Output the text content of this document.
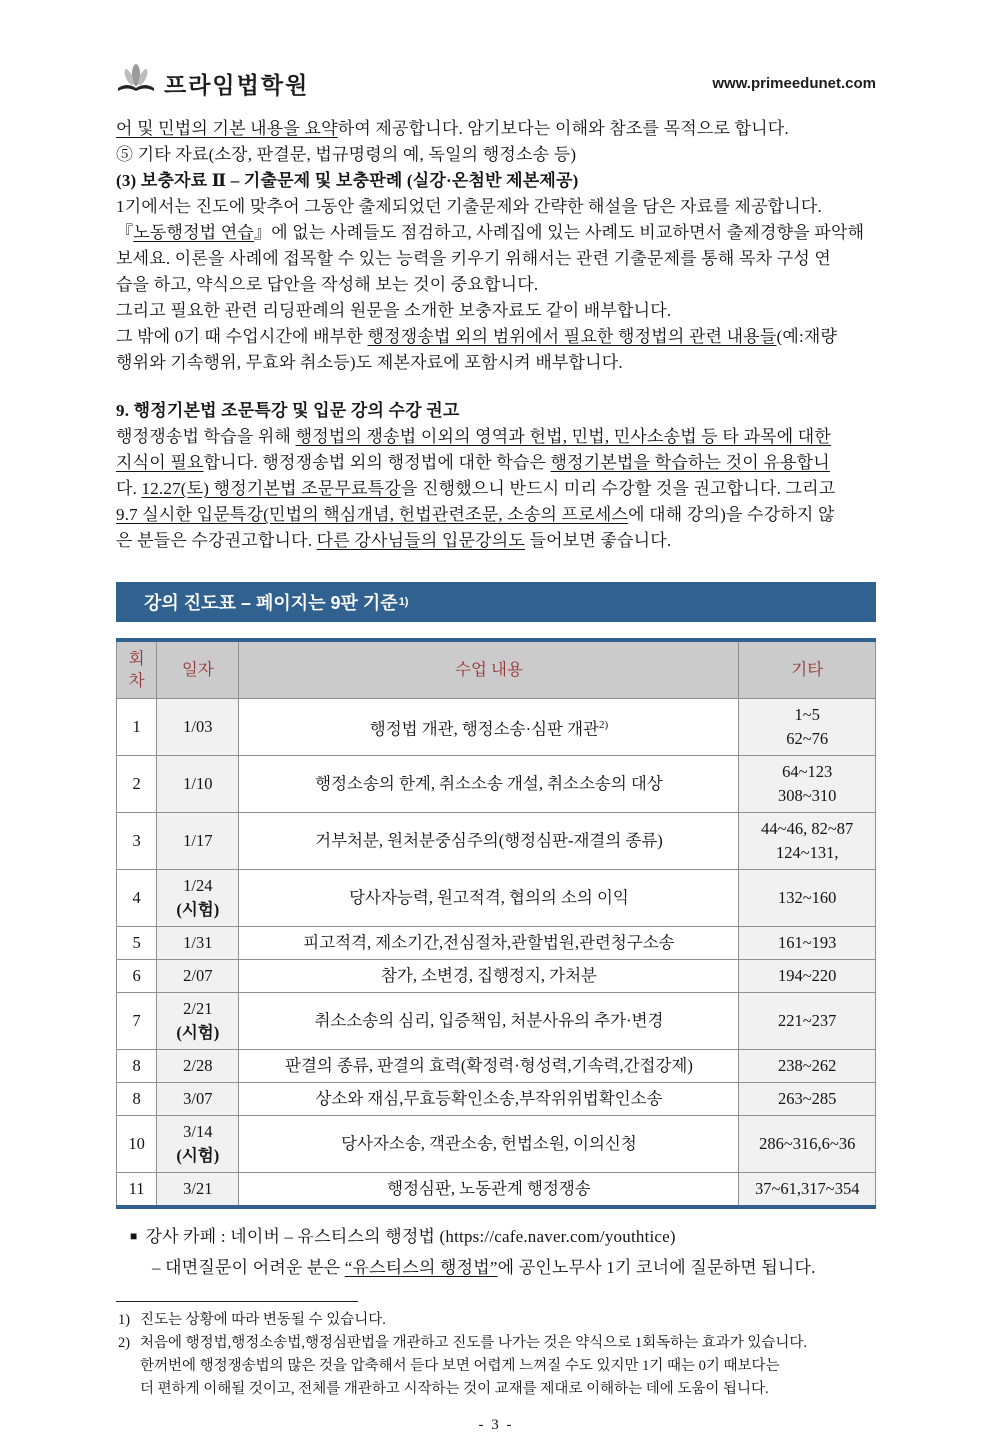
프라임법학원	www.primeedunet.com

어 및 민법의 기본 내용을 요약하여 제공합니다. 암기보다는 이해와 참조를 목적으로 합니다.

⑤ 기타 자료(소장, 판결문, 법규명령의 예, 독일의 행정소송 등)

(3) 보충자료 Ⅱ – 기출문제 및 보충판례 (실강·온첨반 제본제공)

1기에서는 진도에 맞추어 그동안 출제되었던 기출문제와 간략한 해설을 담은 자료를 제공합니다.

『노동행정법 연습』에 없는 사례들도 점검하고, 사례집에 있는 사례도 비교하면서 출제경향을 파악해

보세요. 이론을 사례에 접목할 수 있는 능력을 키우기 위해서는 관련 기출문제를 통해 목차 구성 연

습을 하고, 약식으로 답안을 작성해 보는 것이 중요합니다.

그리고 필요한 관련 리딩판례의 원문을 소개한 보충자료도 같이 배부합니다.

그 밖에 0기 때 수업시간에 배부한 행정쟁송법 외의 범위에서 필요한 행정법의 관련 내용들(예:재량

행위와 기속행위, 무효와 취소등)도 제본자료에 포함시켜 배부합니다.

9. 행정기본법 조문특강 및 입문 강의 수강 권고

행정쟁송법 학습을 위해 행정법의 쟁송법 이외의 영역과 헌법, 민법, 민사소송법 등 타 과목에 대한

지식이 필요합니다. 행정쟁송법 외의 행정법에 대한 학습은 행정기본법을 학습하는 것이 유용합니

다. 12.27(토) 행정기본법 조문무료특강을 진행했으니 반드시 미리 수강할 것을 권고합니다. 그리고

9.7 실시한 입문특강(민법의 핵심개념, 헌법관련조문, 소송의 프로세스에 대해 강의)을 수강하지 않

은 분들은 수강권고합니다. 다른 강사님들의 입문강의도 들어보면 좋습니다.

강의 진도표 – 페이지는 9판 기준 1)
회차	일자	수업 내용	기타
1	1/03	행정법 개관, 행정소송·심판 개관$^{2)}$	1~5
62~76

2	1/10	행정소송의 한계, 취소소송 개설, 취소소송의 대상	64~123
308~310

3	1/17	거부처분, 원처분중심주의(행정심판-재결의 종류)	44~46, 82~87
124~131,

4	1/24
(시험)	당사자능력, 원고적격, 협의의 소의 이익	132~160

5	1/31	피고적격, 제소기간,전심절차,관할법원,관련청구소송	161~193

6	2/07	참가, 소변경, 집행정지, 가처분	194~220

7	2/21
(시험)	취소소송의 심리, 입증책임, 처분사유의 추가·변경	221~237

8	2/28	판결의 종류, 판결의 효력(확정력·형성력,기속력,간접강제)	238~262

8	3/07	상소와 재심,무효등확인소송,부작위위법확인소송	263~285

10	3/14
(시험)	당사자소송, 객관소송, 헌법소원, 이의신청	286~316,6~36

11	3/21	행정심판, 노동관계 행정쟁송	37~61,317~354

■ 강사 카페 : 네이버 – 유스티스의 행정법 (https://cafe.naver.com/youthtice)

– 대면질문이 어려운 분은 “유스티스의 행정법”에 공인노무사 1기 코너에 질문하면 됩니다.

1) 진도는 상황에 따라 변동될 수 있습니다.
2) 처음에 행정법,행정소송법,행정심판법을 개관하고 진도를 나가는 것은 약식으로 1회독하는 효과가 있습니다.
한꺼번에 행정쟁송법의 많은 것을 압축해서 듣다 보면 어렵게 느껴질 수도 있지만 1기 때는 0기 때보다는
더 편하게 이해될 것이고, 전체를 개관하고 시작하는 것이 교재를 제대로 이해하는 데에 도움이 됩니다.
- 3 -
